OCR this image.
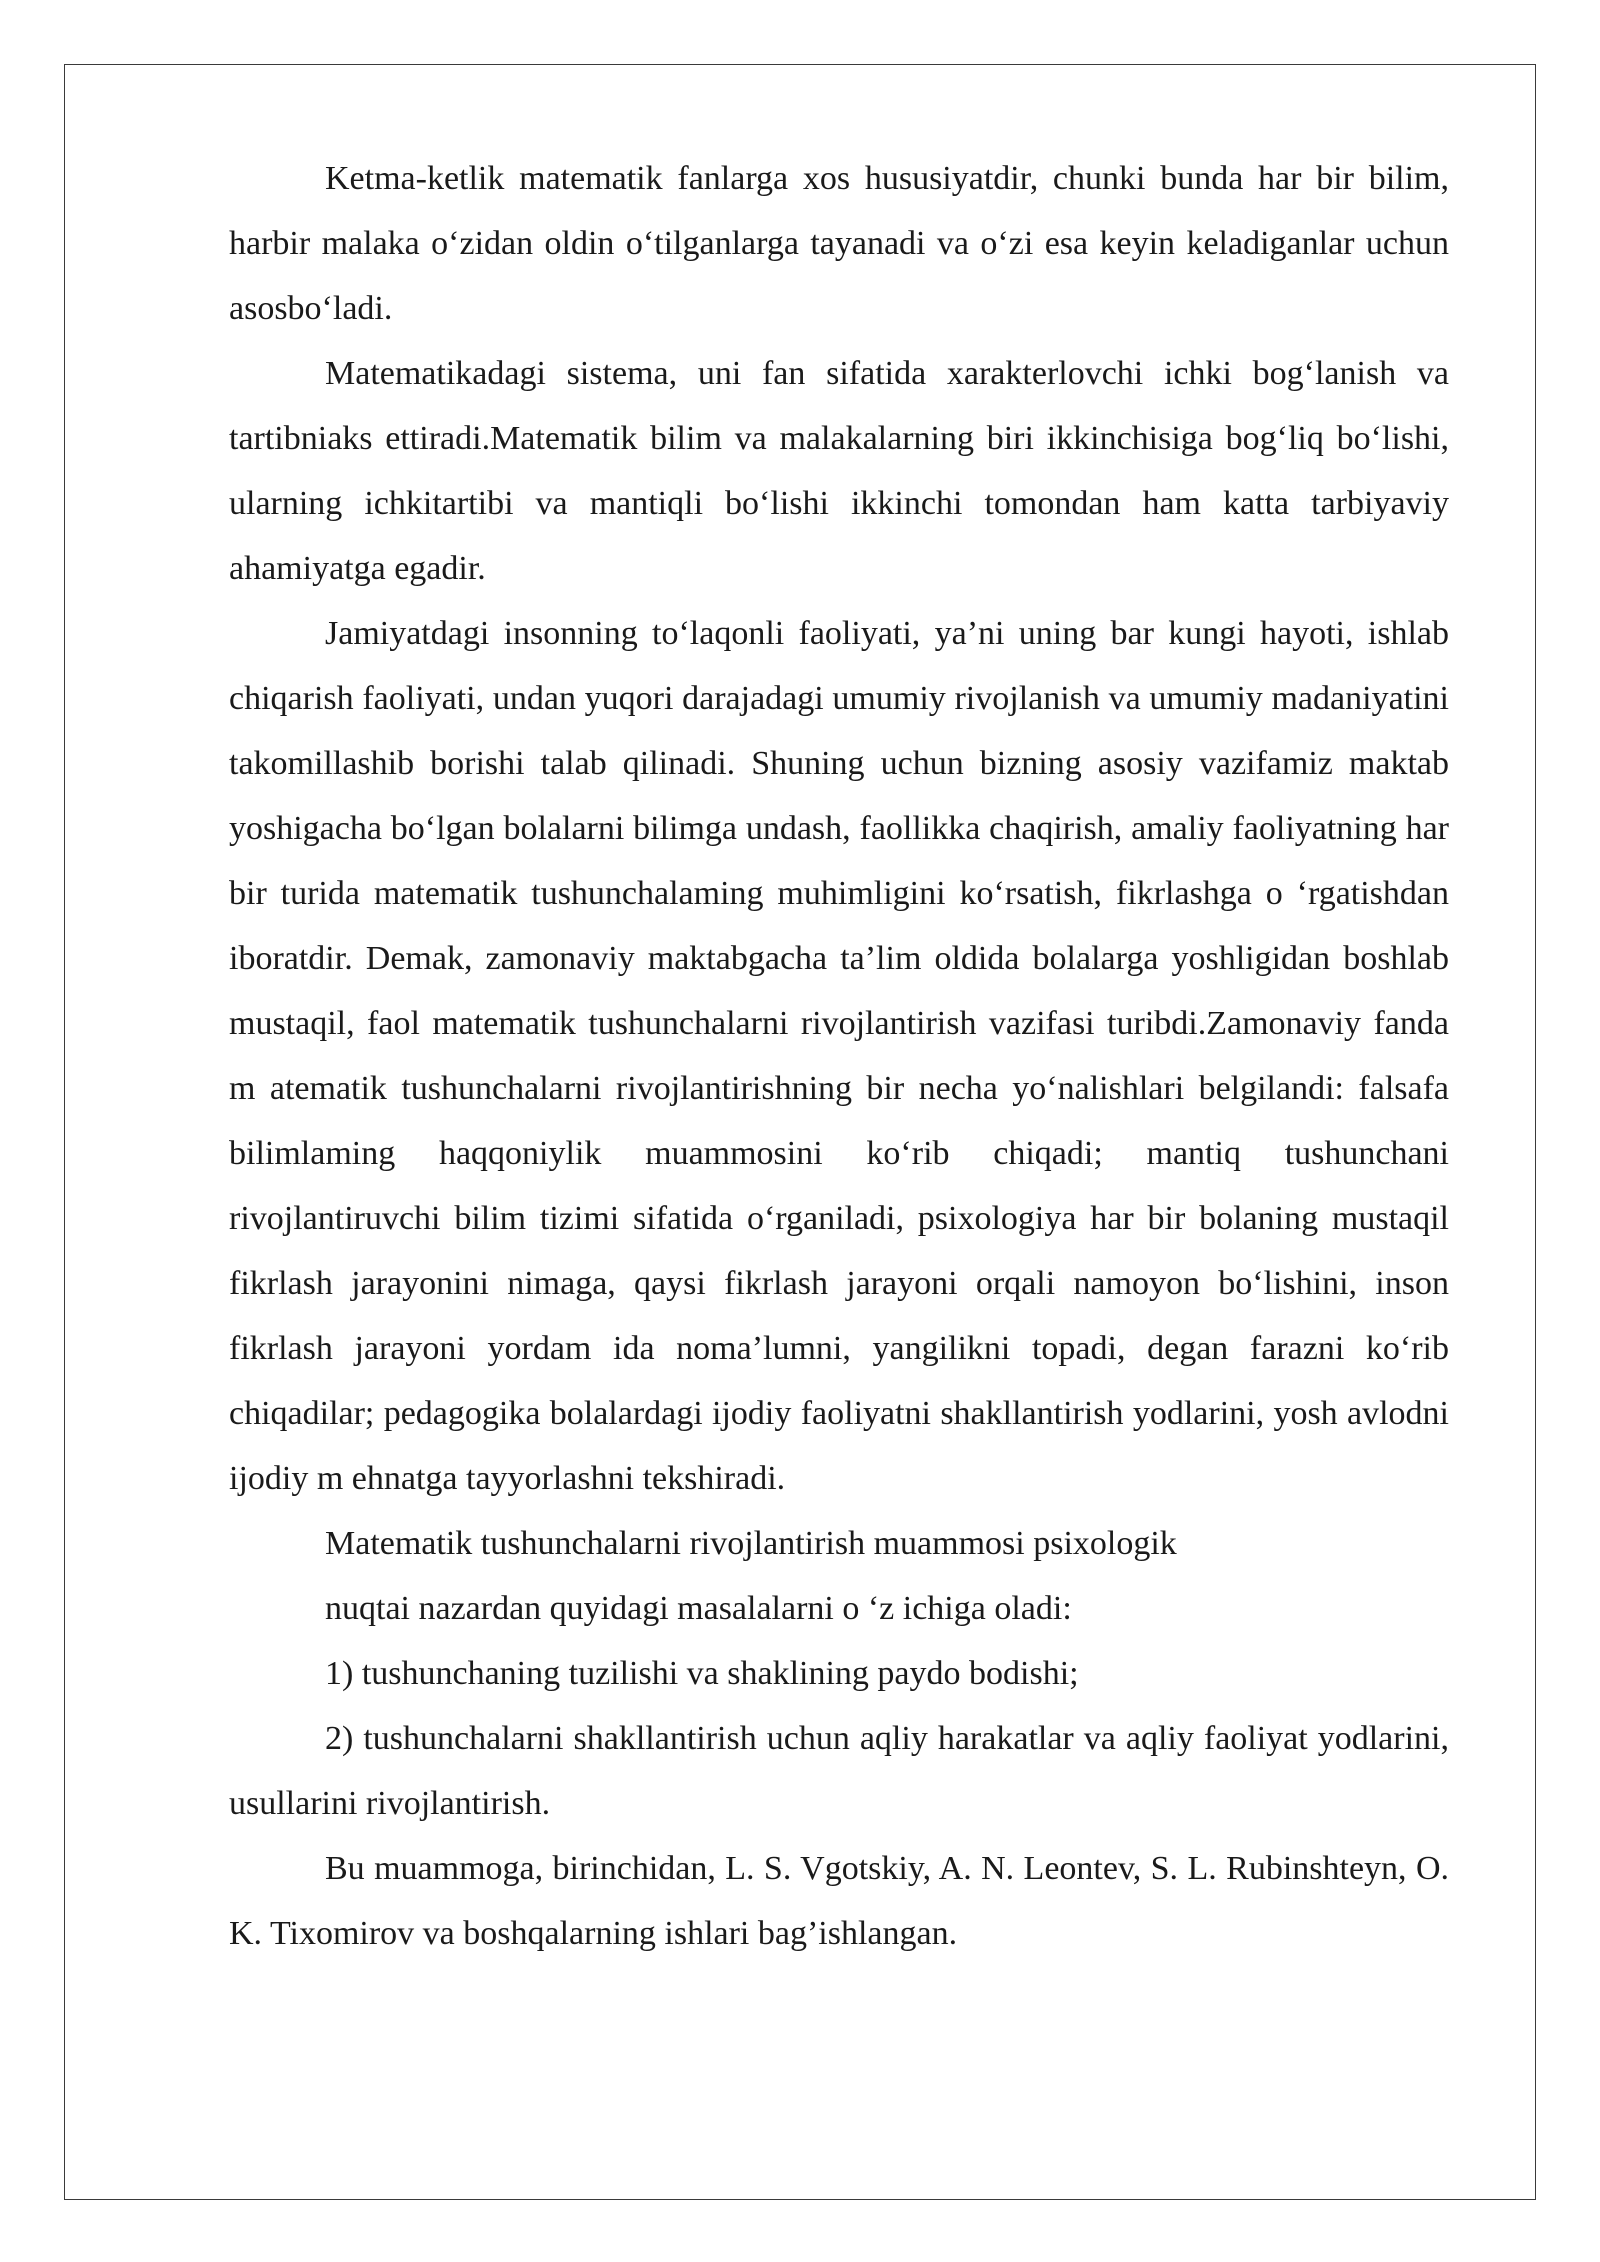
Ketma-ketlik matematik fanlarga xos hususiyatdir, chunki bunda har bir bilim, harbir malaka o‘zidan oldin o‘tilganlarga tayanadi va o‘zi esa keyin keladiganlar uchun asosbo‘ladi.

Matematikadagi sistema, uni fan sifatida xarakterlovchi ichki bog‘lanish va tartibniaks ettiradi.Matematik bilim va malakalarning biri ikkinchisiga bog‘liq bo‘lishi, ularning ichkitartibi va mantiqli bo‘lishi ikkinchi tomondan ham katta tarbiyaviy ahamiyatga egadir.

Jamiyatdagi insonning to‘laqonli faoliyati, ya’ni uning bar kungi hayoti, ishlab chiqarish faoliyati, undan yuqori darajadagi umumiy rivojlanish va umumiy madaniyatini takomillashib borishi talab qilinadi. Shuning uchun bizning asosiy vazifamiz maktab yoshigacha bo‘lgan bolalarni bilimga undash, faollikka chaqirish, amaliy faoliyatning har bir turida matematik tushunchalaming muhimligini ko‘rsatish, fikrlashga o ‘rgatishdan iboratdir. Demak, zamonaviy maktabgacha ta’lim oldida bolalarga yoshligidan boshlab mustaqil, faol matematik tushunchalarni rivojlantirish vazifasi turibdi.Zamonaviy fanda m atematik tushunchalarni rivojlantirishning bir necha yo‘nalishlari belgilandi: falsafa bilimlaming haqqoniylik muammosini ko‘rib chiqadi; mantiq tushunchani rivojlantiruvchi bilim tizimi sifatida o‘rganiladi, psixologiya har bir bolaning mustaqil fikrlash jarayonini nimaga, qaysi fikrlash jarayoni orqali namoyon bo‘lishini, inson fikrlash jarayoni yordam ida noma’lumni, yangilikni topadi, degan farazni ko‘rib chiqadilar; pedagogika bolalardagi ijodiy faoliyatni shakllantirish yodlarini, yosh avlodni ijodiy m ehnatga tayyorlashni tekshiradi.

Matematik tushunchalarni rivojlantirish muammosi psixologik

nuqtai nazardan quyidagi masalalarni o ‘z ichiga oladi:

1) tushunchaning tuzilishi va shaklining paydo bodishi;

2) tushunchalarni shakllantirish uchun aqliy harakatlar va aqliy faoliyat yodlarini, usullarini rivojlantirish.

Bu muammoga, birinchidan, L. S. Vgotskiy, A. N. Leontev, S. L. Rubinshteyn, O. K. Tixomirov va boshqalarning ishlari bag’ishlangan.
